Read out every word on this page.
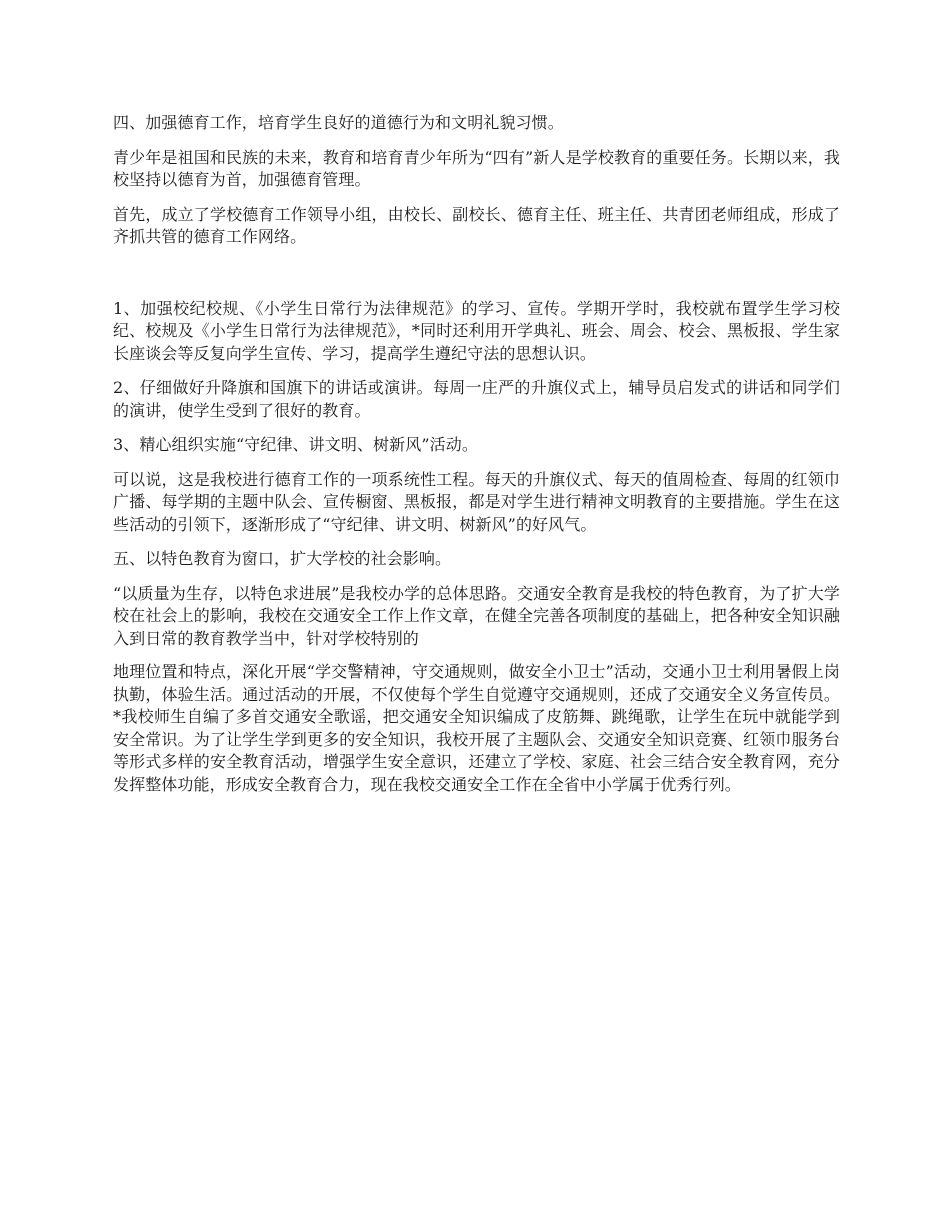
四、加强德育工作，培育学生良好的道德行为和文明礼貌习惯。

青少年是祖国和民族的未来，教育和培育青少年所为“四有”新人是学校教育的重要任务。长期以来，我校坚持以德育为首，加强德育管理。

首先，成立了学校德育工作领导小组，由校长、副校长、德育主任、班主任、共青团老师组成，形成了齐抓共管的德育工作网络。

1、加强校纪校规、《小学生日常行为法律规范》的学习、宣传。学期开学时，我校就布置学生学习校纪、校规及《小学生日常行为法律规范》，*同时还利用开学典礼、班会、周会、校会、黑板报、学生家长座谈会等反复向学生宣传、学习，提高学生遵纪守法的思想认识。

2、仔细做好升降旗和国旗下的讲话或演讲。每周一庄严的升旗仪式上，辅导员启发式的讲话和同学们的演讲，使学生受到了很好的教育。

3、精心组织实施“守纪律、讲文明、树新风”活动。

可以说，这是我校进行德育工作的一项系统性工程。每天的升旗仪式、每天的值周检查、每周的红领巾广播、每学期的主题中队会、宣传橱窗、黑板报，都是对学生进行精神文明教育的主要措施。学生在这些活动的引领下，逐渐形成了“守纪律、讲文明、树新风”的好风气。

五、以特色教育为窗口，扩大学校的社会影响。

“以质量为生存，以特色求进展”是我校办学的总体思路。交通安全教育是我校的特色教育，为了扩大学校在社会上的影响，我校在交通安全工作上作文章，在健全完善各项制度的基础上，把各种安全知识融入到日常的教育教学当中，针对学校特别的

地理位置和特点，深化开展“学交警精神，守交通规则，做安全小卫士”活动，交通小卫士利用暑假上岗执勤，体验生活。通过活动的开展，不仅使每个学生自觉遵守交通规则，还成了交通安全义务宣传员。*我校师生自编了多首交通安全歌谣，把交通安全知识编成了皮筋舞、跳绳歌，让学生在玩中就能学到安全常识。为了让学生学到更多的安全知识，我校开展了主题队会、交通安全知识竞赛、红领巾服务台等形式多样的安全教育活动，增强学生安全意识，还建立了学校、家庭、社会三结合安全教育网，充分发挥整体功能，形成安全教育合力，现在我校交通安全工作在全省中小学属于优秀行列。
